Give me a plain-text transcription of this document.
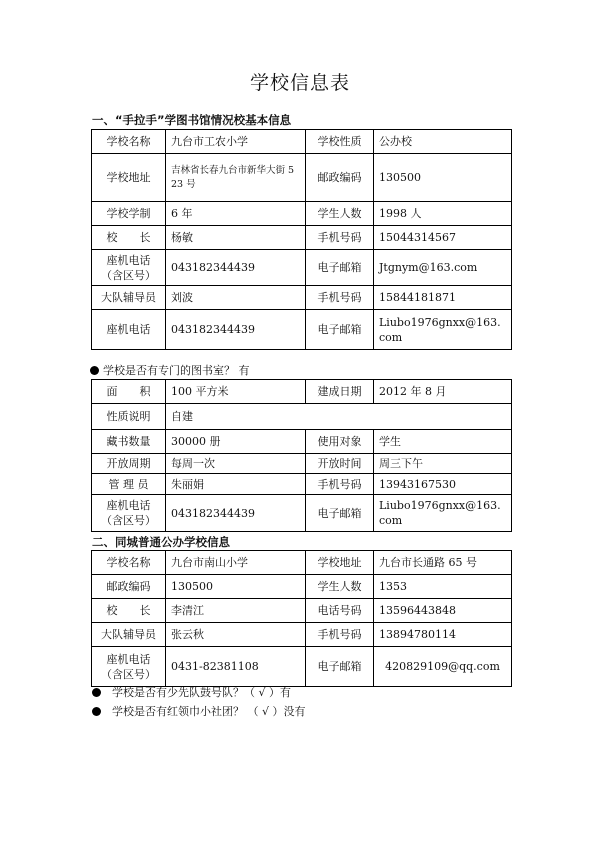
学校信息表
一、“手拉手”学图书馆情况校基本信息
学校名称	九台市工农小学	学校性质	公办校
学校地址	吉林省长春九台市新华大街 523 号	邮政编码	130500
学校学制	6 年	学生人数	1998 人
校　　长	杨敏	手机号码	15044314567
座机电话
（含区号）	043182344439	电子邮箱	Jtgnym@163.com
大队辅导员	刘波	手机号码	15844181871
座机电话	043182344439	电子邮箱	Liubo1976gnxx@163.com
学校是否有专门的图书室？ 有
面　　积	100 平方米	建成日期	2012 年 8 月
性质说明	自建		
藏书数量	30000 册	使用对象	学生
开放周期	每周一次	开放时间	周三下午
管 理 员	朱丽娟	手机号码	13943167530
座机电话
（含区号）	043182344439	电子邮箱	Liubo1976gnxx@163.com
二、同城普通公办学校信息
学校名称	九台市南山小学	学校地址	九台市长通路 65 号
邮政编码	130500	学生人数	1353
校　　长	李清江	电话号码	13596443848
大队辅导员	张云秋	手机号码	13894780114
座机电话
（含区号）	0431-82381108	电子邮箱	420829109@qq.com
学校是否有少先队鼓号队？（ √ ）有
学校是否有红领巾小社团？ （ √ ）没有
